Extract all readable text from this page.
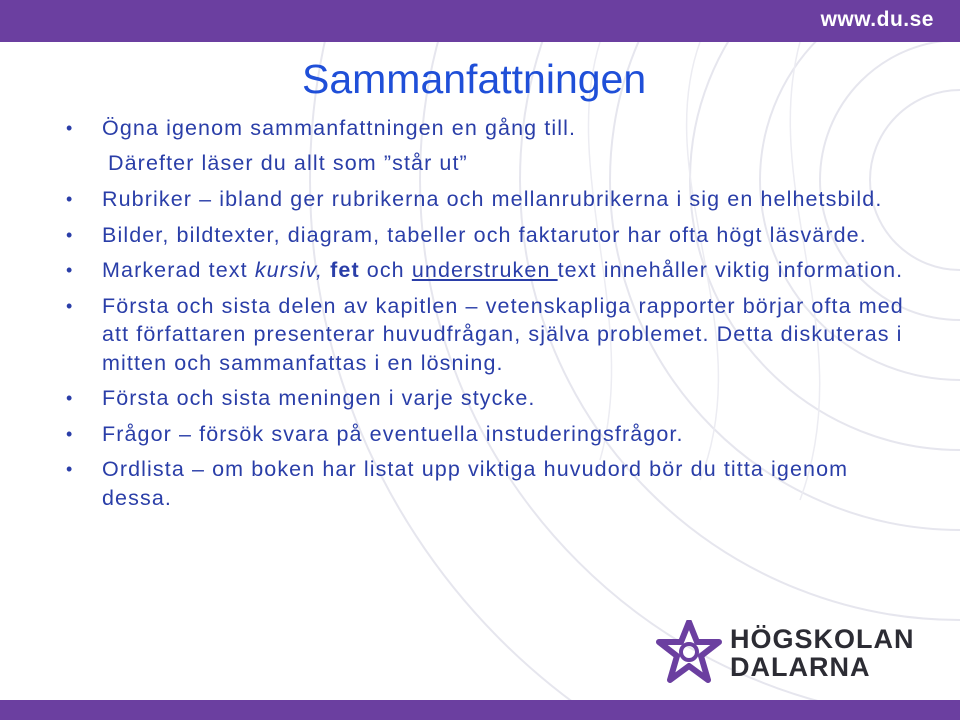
www.du.se
Sammanfattningen

• Ögna igenom sammanfattningen en gång till.

Därefter läser du allt som ”står ut”

• Rubriker – ibland ger rubrikerna och mellanrubrikerna i sig en helhetsbild.

• Bilder, bildtexter, diagram, tabeller och faktarutor har ofta högt läsvärde.

• Markerad text kursiv, fet och understruken text innehåller viktig information.

• Första och sista delen av kapitlen – vetenskapliga rapporter börjar ofta med att författaren presenterar huvudfrågan, själva problemet. Detta diskuteras i mitten och sammanfattas i en lösning.

• Första och sista meningen i varje stycke.

• Frågor – försök svara på eventuella instuderingsfrågor.

• Ordlista – om boken har listat upp viktiga huvudord bör du titta igenom dessa.

HÖGSKOLAN
DALARNA
